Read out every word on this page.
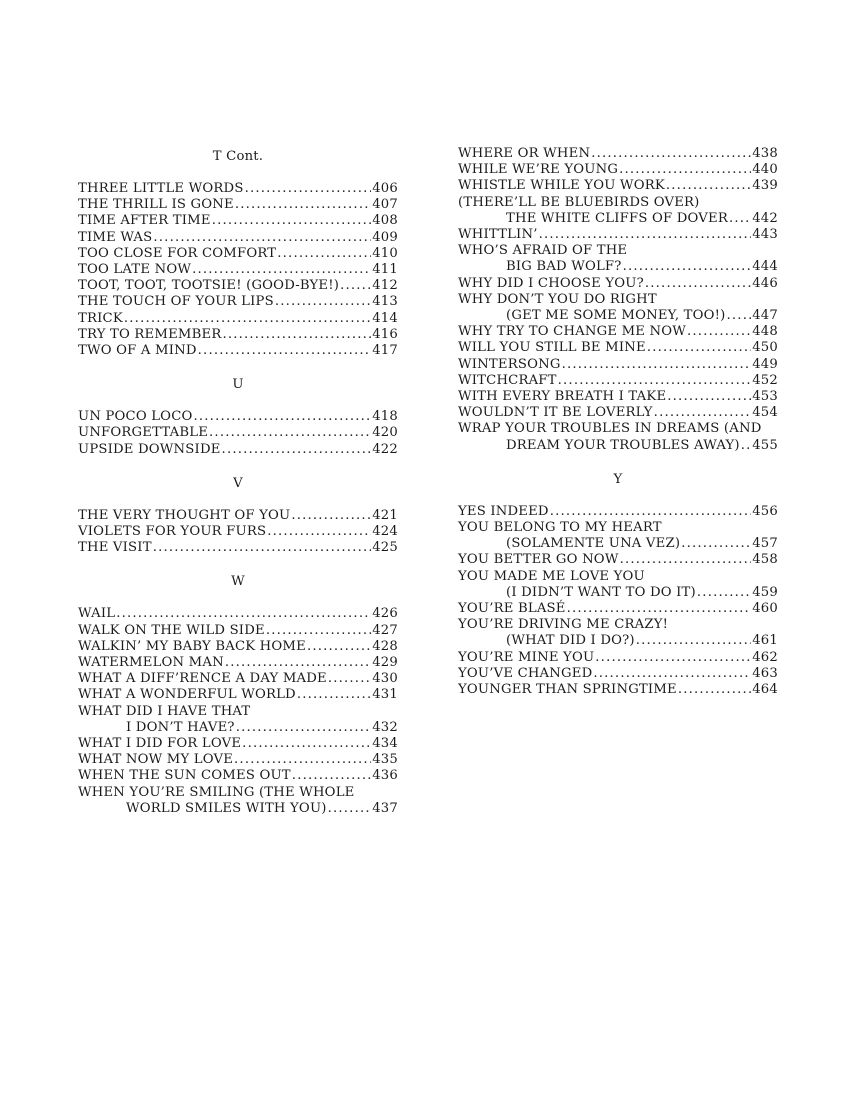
T Cont.
THREE LITTLE WORDS .....	406
THE THRILL IS GONE .....	407
TIME AFTER TIME .....	408
TIME WAS .....	409
TOO CLOSE FOR COMFORT .....	410
TOO LATE NOW .....	411
TOOT, TOOT, TOOTSIE! (GOOD-BYE!) .....	412
THE TOUCH OF YOUR LIPS .....	413
TRICK .....	414
TRY TO REMEMBER .....	416
TWO OF A MIND .....	417
U
UN POCO LOCO .....	418
UNFORGETTABLE .....	420
UPSIDE DOWNSIDE .....	422
V
THE VERY THOUGHT OF YOU .....	421
VIOLETS FOR YOUR FURS .....	424
THE VISIT .....	425
W
WAIL .....	426
WALK ON THE WILD SIDE .....	427
WALKIN’ MY BABY BACK HOME .....	428
WATERMELON MAN .....	429
WHAT A DIFF’RENCE A DAY MADE .....	430
WHAT A WONDERFUL WORLD .....	431
WHAT DID I HAVE THAT
I DON’T HAVE? .....	432
WHAT I DID FOR LOVE .....	434
WHAT NOW MY LOVE .....	435
WHEN THE SUN COMES OUT .....	436
WHEN YOU’RE SMILING (THE WHOLE
WORLD SMILES WITH YOU) .....	437
WHERE OR WHEN .....	438
WHILE WE’RE YOUNG .....	440
WHISTLE WHILE YOU WORK .....	439
(THERE’LL BE BLUEBIRDS OVER)
THE WHITE CLIFFS OF DOVER ..... 442
WHITTLIN’ .....	443
WHO’S AFRAID OF THE
BIG BAD WOLF? .....	444
WHY DID I CHOOSE YOU? .....	446
WHY DON’T YOU DO RIGHT
(GET ME SOME MONEY, TOO!) ..... 447
WHY TRY TO CHANGE ME NOW .....	448
WILL YOU STILL BE MINE .....	450
WINTERSONG .....	449
WITCHCRAFT .....	452
WITH EVERY BREATH I TAKE .....	453
WOULDN’T IT BE LOVERLY .....	454
WRAP YOUR TROUBLES IN DREAMS (AND
DREAM YOUR TROUBLES AWAY) ..... 455
Y
YES INDEED .....	456
YOU BELONG TO MY HEART
(SOLAMENTE UNA VEZ) .....	457
YOU BETTER GO NOW .....	458
YOU MADE ME LOVE YOU
(I DIDN’T WANT TO DO IT) .....	459
YOU’RE BLASÉ .....	460
YOU’RE DRIVING ME CRAZY!
(WHAT DID I DO?) .....	461
YOU’RE MINE YOU .....	462
YOU’VE CHANGED .....	463
YOUNGER THAN SPRINGTIME .....	464
